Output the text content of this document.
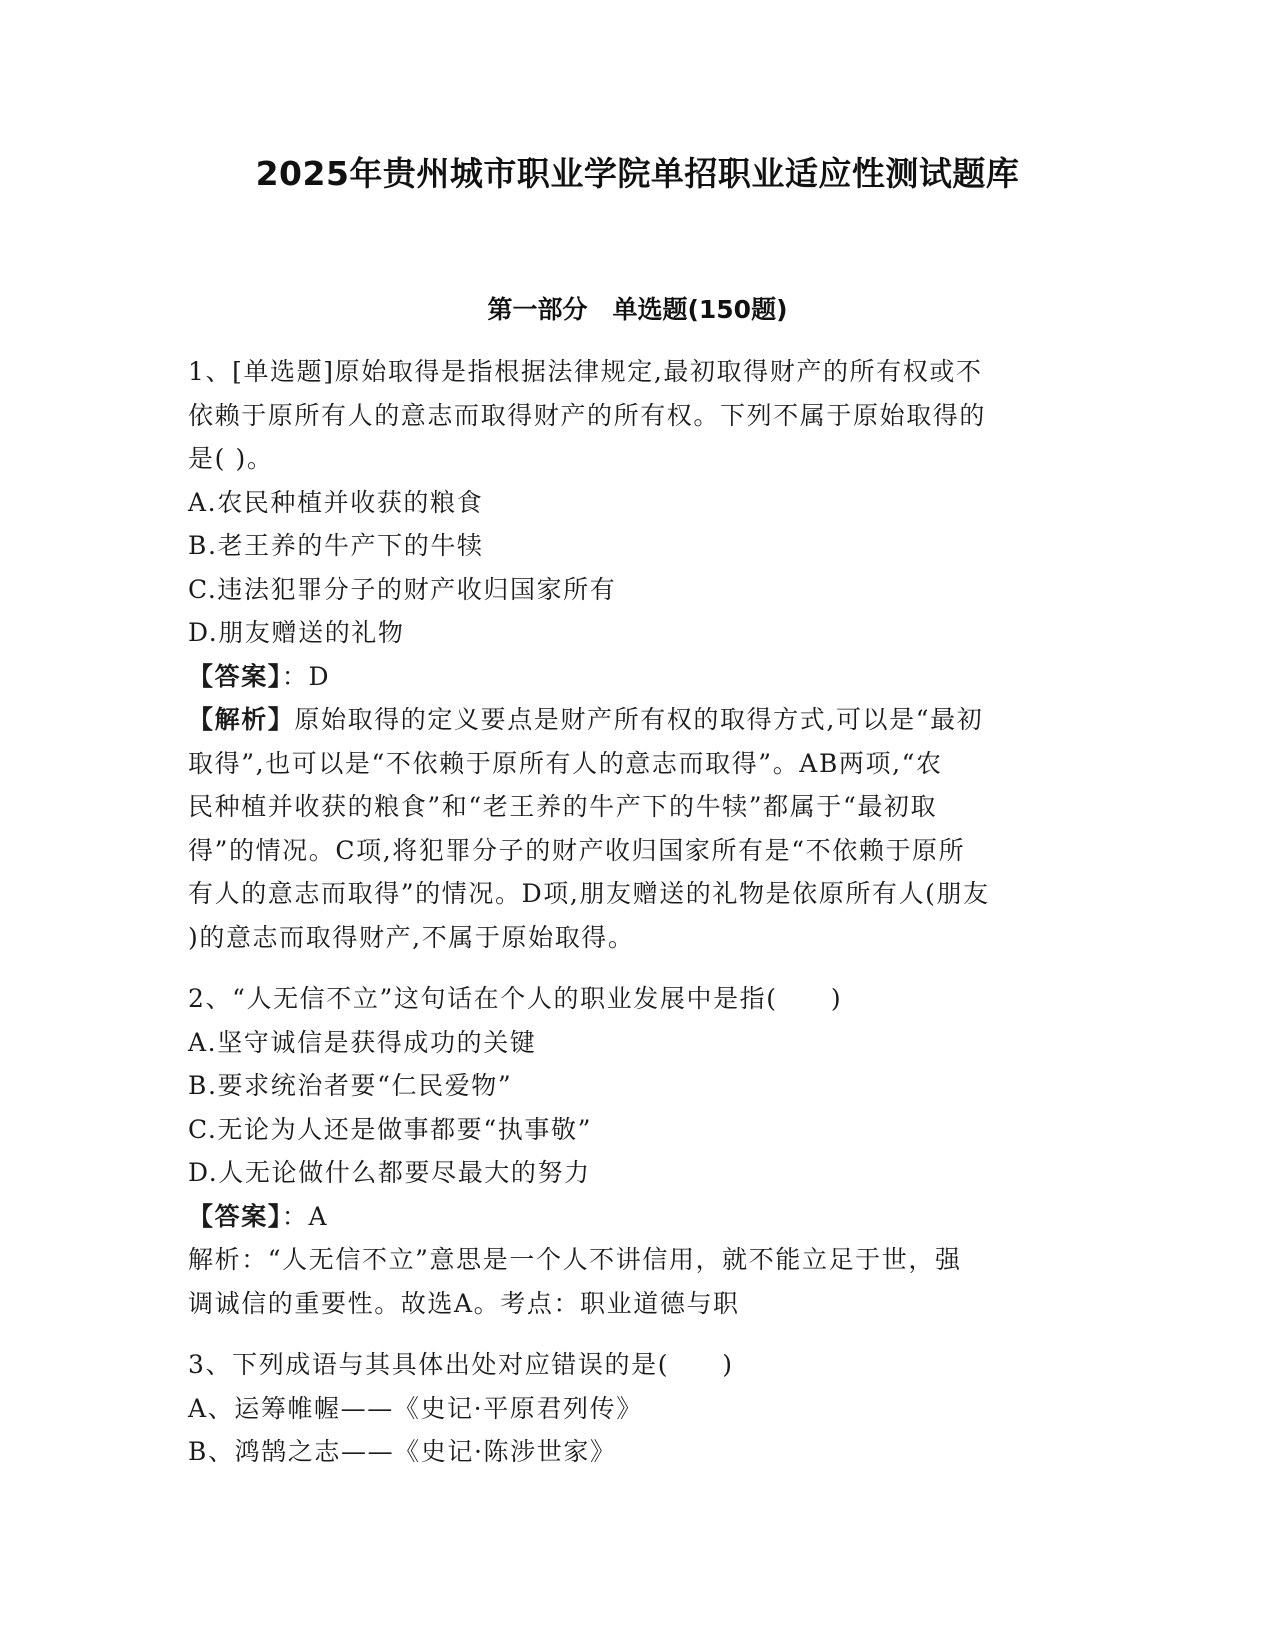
2025年贵州城市职业学院单招职业适应性测试题库
第一部分　单选题(150题)
1、[单选题]原始取得是指根据法律规定,最初取得财产的所有权或不
依赖于原所有人的意志而取得财产的所有权。下列不属于原始取得的
是( )。
A.农民种植并收获的粮食
B.老王养的牛产下的牛犊
C.违法犯罪分子的财产收归国家所有
D.朋友赠送的礼物
【答案】：D
【解析】原始取得的定义要点是财产所有权的取得方式,可以是“最初
取得”,也可以是“不依赖于原所有人的意志而取得”。AB两项,“农
民种植并收获的粮食”和“老王养的牛产下的牛犊”都属于“最初取
得”的情况。C项,将犯罪分子的财产收归国家所有是“不依赖于原所
有人的意志而取得”的情况。D项,朋友赠送的礼物是依原所有人(朋友
)的意志而取得财产,不属于原始取得。
2、“人无信不立”这句话在个人的职业发展中是指(　　)
A.坚守诚信是获得成功的关键
B.要求统治者要“仁民爱物”
C.无论为人还是做事都要“执事敬”
D.人无论做什么都要尽最大的努力
【答案】：A
解析：“人无信不立”意思是一个人不讲信用，就不能立足于世，强
调诚信的重要性。故选A。考点：职业道德与职
3、下列成语与其具体出处对应错误的是(　　)
A、运筹帷幄——《史记·平原君列传》
B、鸿鹄之志——《史记·陈涉世家》
